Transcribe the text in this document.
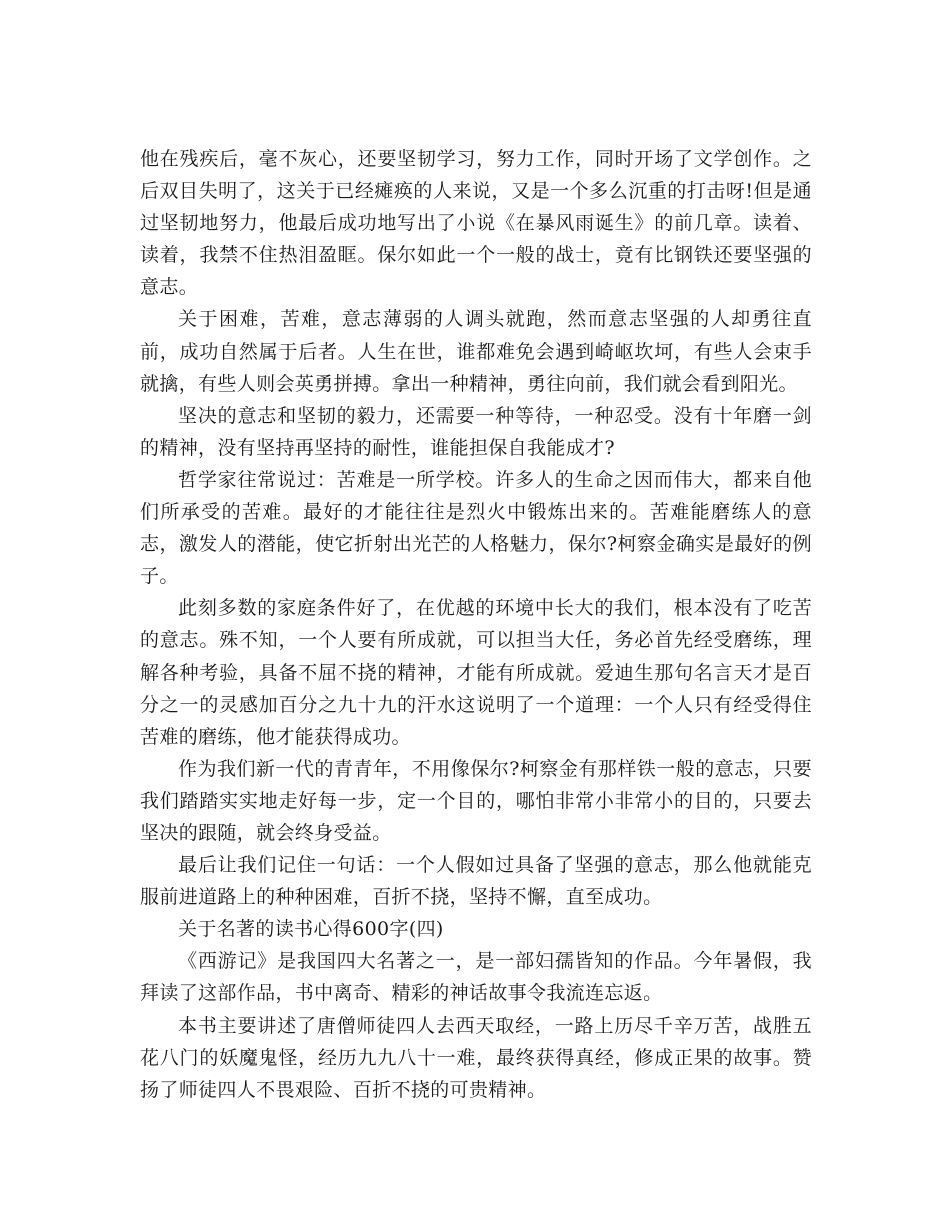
他在残疾后，毫不灰心，还要坚韧学习，努力工作，同时开场了文学创作。之后双目失明了，这关于已经瘫痪的人来说，又是一个多么沉重的打击呀!但是通过坚韧地努力，他最后成功地写出了小说《在暴风雨诞生》的前几章。读着、读着，我禁不住热泪盈眶。保尔如此一个一般的战士，竟有比钢铁还要坚强的意志。

关于困难，苦难，意志薄弱的人调头就跑，然而意志坚强的人却勇往直前，成功自然属于后者。人生在世，谁都难免会遇到崎岖坎坷，有些人会束手就擒，有些人则会英勇拼搏。拿出一种精神，勇往向前，我们就会看到阳光。

坚决的意志和坚韧的毅力，还需要一种等待，一种忍受。没有十年磨一剑的精神，没有坚持再坚持的耐性，谁能担保自我能成才?

哲学家往常说过：苦难是一所学校。许多人的生命之因而伟大，都来自他们所承受的苦难。最好的才能往往是烈火中锻炼出来的。苦难能磨练人的意志，激发人的潜能，使它折射出光芒的人格魅力，保尔?柯察金确实是最好的例子。

此刻多数的家庭条件好了，在优越的环境中长大的我们，根本没有了吃苦的意志。殊不知，一个人要有所成就，可以担当大任，务必首先经受磨练，理解各种考验，具备不屈不挠的精神，才能有所成就。爱迪生那句名言天才是百分之一的灵感加百分之九十九的汗水这说明了一个道理：一个人只有经受得住苦难的磨练，他才能获得成功。

作为我们新一代的青青年，不用像保尔?柯察金有那样铁一般的意志，只要我们踏踏实实地走好每一步，定一个目的，哪怕非常小非常小的目的，只要去坚决的跟随，就会终身受益。

最后让我们记住一句话：一个人假如过具备了坚强的意志，那么他就能克服前进道路上的种种困难，百折不挠，坚持不懈，直至成功。

关于名著的读书心得600字(四)

《西游记》是我国四大名著之一，是一部妇孺皆知的作品。今年暑假，我拜读了这部作品，书中离奇、精彩的神话故事令我流连忘返。

本书主要讲述了唐僧师徒四人去西天取经，一路上历尽千辛万苦，战胜五花八门的妖魔鬼怪，经历九九八十一难，最终获得真经，修成正果的故事。赞扬了师徒四人不畏艰险、百折不挠的可贵精神。
